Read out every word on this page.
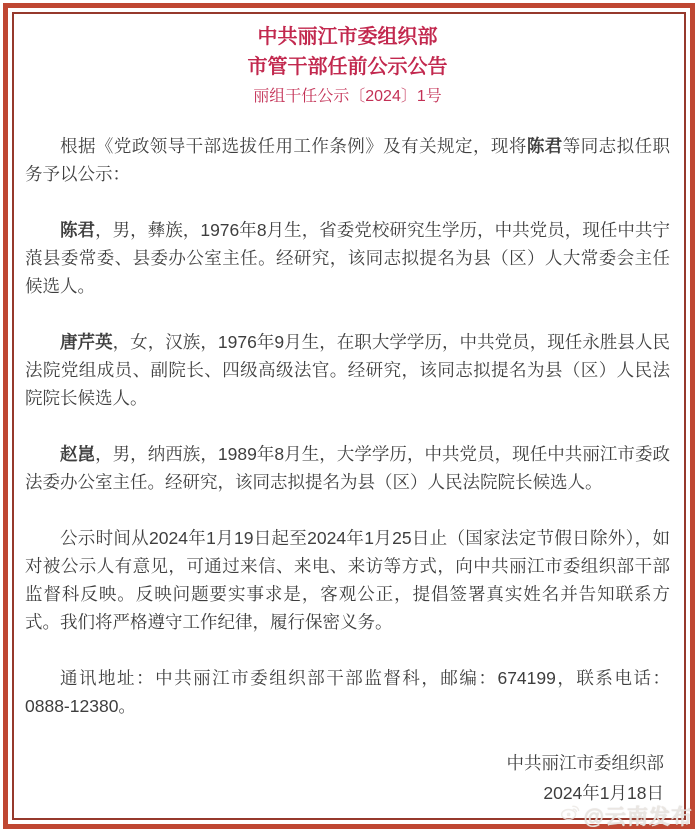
中共丽江市委组织部
市管干部任前公示公告
丽组干任公示〔2024〕1号

根据《党政领导干部选拔任用工作条例》及有关规定，现将陈君等同志拟任职务予以公示：

陈君，男，彝族，1976年8月生，省委党校研究生学历，中共党员，现任中共宁蒗县委常委、县委办公室主任。经研究，该同志拟提名为县（区）人大常委会主任候选人。

唐芹英，女，汉族，1976年9月生，在职大学学历，中共党员，现任永胜县人民法院党组成员、副院长、四级高级法官。经研究，该同志拟提名为县（区）人民法院院长候选人。

赵崑，男，纳西族，1989年8月生，大学学历，中共党员，现任中共丽江市委政法委办公室主任。经研究，该同志拟提名为县（区）人民法院院长候选人。

公示时间从2024年1月19日起至2024年1月25日止（国家法定节假日除外），如对被公示人有意见，可通过来信、来电、来访等方式，向中共丽江市委组织部干部监督科反映。反映问题要实事求是，客观公正，提倡签署真实姓名并告知联系方式。我们将严格遵守工作纪律，履行保密义务。

通讯地址：中共丽江市委组织部干部监督科，邮编：674199，联系电话：0888-12380。

中共丽江市委组织部
2024年1月18日
@云南发布
